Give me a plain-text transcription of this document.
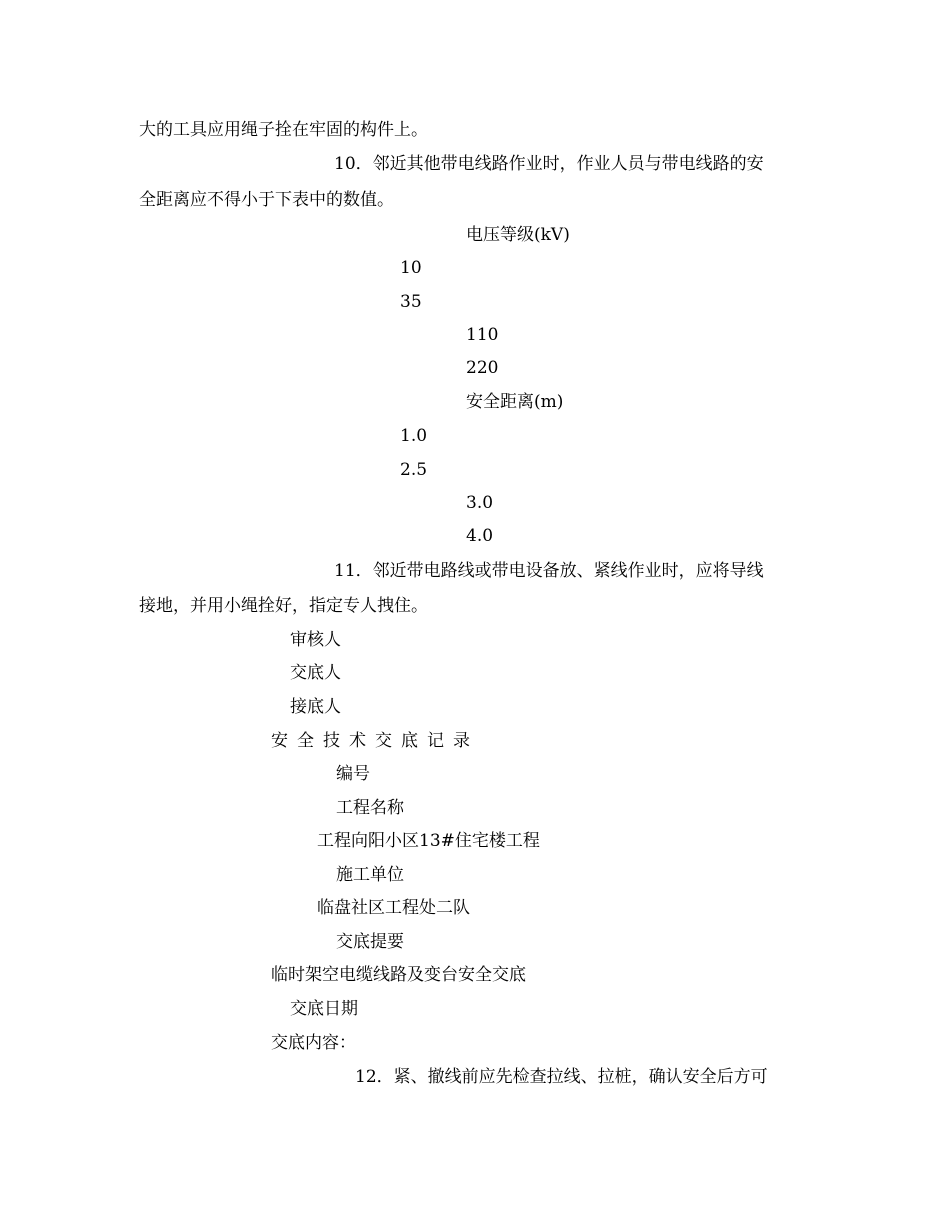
大的工具应用绳子拴在牢固的构件上。
10．邻近其他带电线路作业时，作业人员与带电线路的安
全距离应不得小于下表中的数值。
电压等级(kV)
10
35
110
220
安全距离(m)
1.0
2.5
3.0
4.0
11．邻近带电路线或带电设备放、紧线作业时，应将导线
接地，并用小绳拴好，指定专人拽住。
审核人
交底人
接底人
安全技术交底记录
编号
工程名称
工程向阳小区13#住宅楼工程
施工单位
临盘社区工程处二队
交底提要
临时架空电缆线路及变台安全交底
交底日期
交底内容：
12．紧、撤线前应先检查拉线、拉桩，确认安全后方可
